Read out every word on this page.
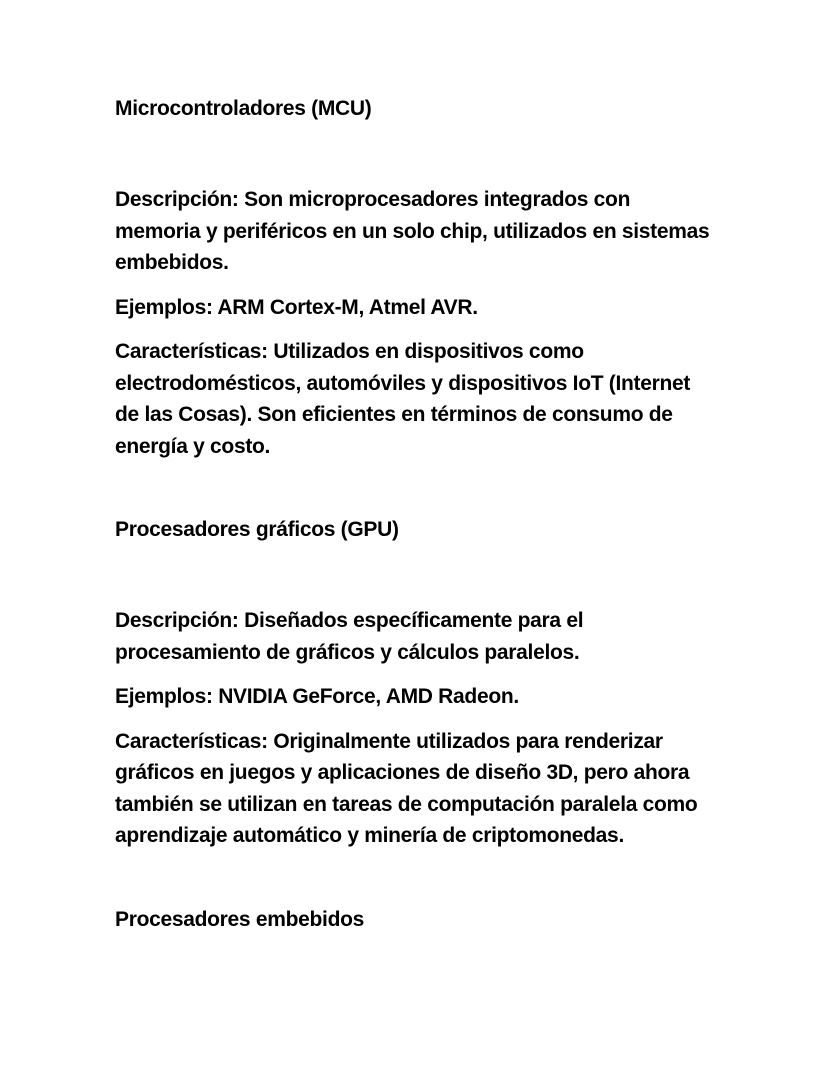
Microcontroladores (MCU)

Descripción: Son microprocesadores integrados con memoria y periféricos en un solo chip, utilizados en sistemas embebidos.

Ejemplos: ARM Cortex-M, Atmel AVR.

Características: Utilizados en dispositivos como electrodomésticos, automóviles y dispositivos IoT (Internet de las Cosas). Son eficientes en términos de consumo de energía y costo.

Procesadores gráficos (GPU)

Descripción: Diseñados específicamente para el procesamiento de gráficos y cálculos paralelos.

Ejemplos: NVIDIA GeForce, AMD Radeon.

Características: Originalmente utilizados para renderizar gráficos en juegos y aplicaciones de diseño 3D, pero ahora también se utilizan en tareas de computación paralela como aprendizaje automático y minería de criptomonedas.

Procesadores embebidos
